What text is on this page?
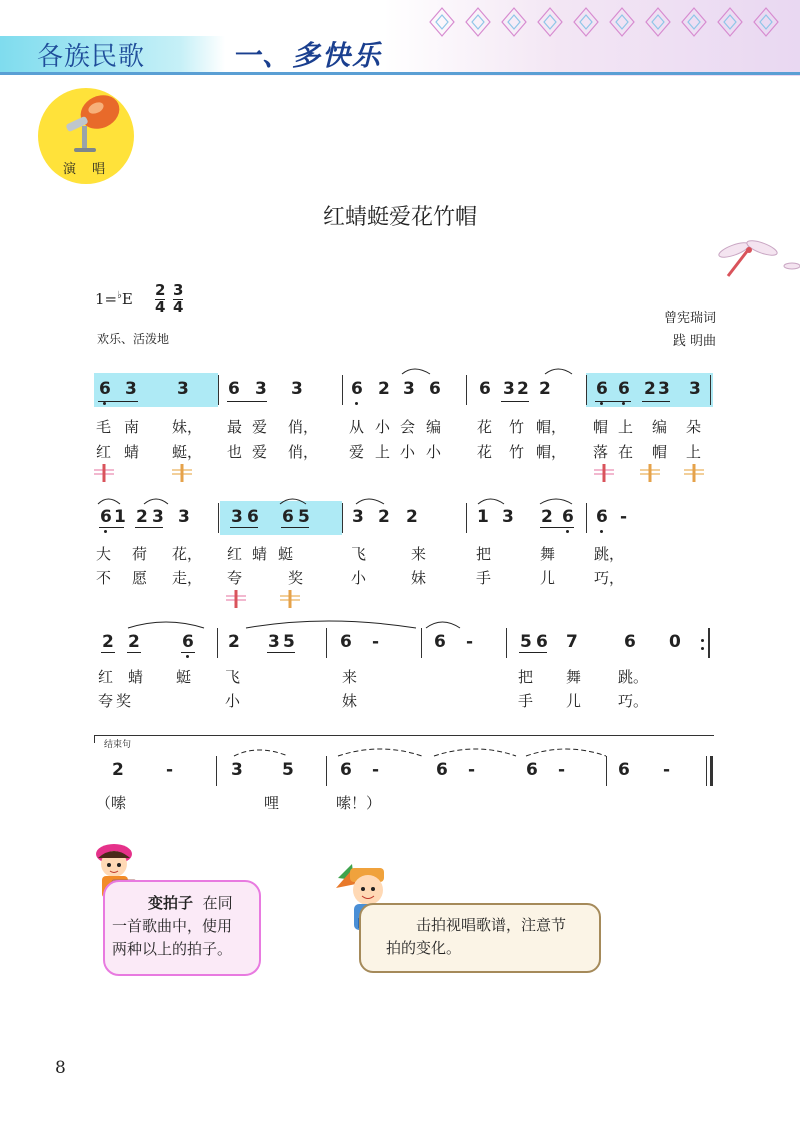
各族民歌	一、多快乐
演 唱
红蜻蜓爱花竹帽
1=♭E 2
4
3
4
欢乐、活泼地
曾宪瑞词
践 明曲
6 3 3 6 3 3	6 2 3 6 6 3 2 2	6 6 2 3 3
毛 南 妹， 最 爱 俏， 从 小 会 编 花 竹 帽， 帽 上 编 朵
红 蜻 蜓， 也 爱 俏， 爱 上 小 小 花 竹 帽， 落 在 帽 上
6 1 2 3 3 3 6 6 5 3 2 2	1 3 2 6 6 -
大 荷 花， 红 蜻 蜓	飞	来	把	舞	跳，
不 愿 走， 夸	奖	小	妹	手	儿	巧，
2 2 6 2 3 5	6 -	6 -	5 6 7	6 0
红 蜻 蜓 飞	来	把 舞 跳。
夸 奖	小	妹	手 儿 巧。
结束句
2 -	3 5	6 -	6 -	6 -	6 -
（嗦	哩	嗦！）
变拍子 在同
一首歌曲中，使用
两种以上的拍子。
击拍视唱歌谱，注意节
拍的变化。
8
